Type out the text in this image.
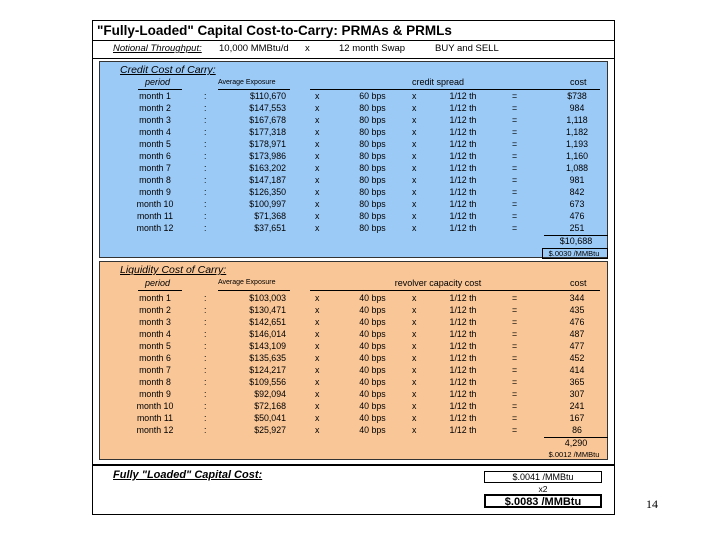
"Fully-Loaded" Capital Cost-to-Carry: PRMAs & PRMLs
Notional Throughput: 10,000 MMBtu/d x	12 month Swap	BUY and SELL
Credit Cost of Carry:
period	Average Exposure	credit spread	cost
month 1	:	$110,670	x	60 bps	x	1/12 th	=	$738
month 2	:	$147,553	x	80 bps	x	1/12 th	=	984
month 3	:	$167,678	x	80 bps	x	1/12 th	=	1,118
month 4	:	$177,318	x	80 bps	x	1/12 th	=	1,182
month 5	:	$178,971	x	80 bps	x	1/12 th	=	1,193
month 6	:	$173,986	x	80 bps	x	1/12 th	=	1,160
month 7	:	$163,202	x	80 bps	x	1/12 th	=	1,088
month 8	:	$147,187	x	80 bps	x	1/12 th	=	981
month 9	:	$126,350	x	80 bps	x	1/12 th	=	842
month 10	:	$100,997	x	80 bps	x	1/12 th	=	673
month 11	:	$71,368	x	80 bps	x	1/12 th	=	476
month 12	:	$37,651	x	80 bps	x	1/12 th	=	251
$10,688
$.0030 /MMBtu
Liquidity Cost of Carry:
period	Average Exposure	revolver capacity cost	cost
month 1	:	$103,003	x	40 bps	x	1/12 th	=	344
month 2	:	$130,471	x	40 bps	x	1/12 th	=	435
month 3	:	$142,651	x	40 bps	x	1/12 th	=	476
month 4	:	$146,014	x	40 bps	x	1/12 th	=	487
month 5	:	$143,109	x	40 bps	x	1/12 th	=	477
month 6	:	$135,635	x	40 bps	x	1/12 th	=	452
month 7	:	$124,217	x	40 bps	x	1/12 th	=	414
month 8	:	$109,556	x	40 bps	x	1/12 th	=	365
month 9	:	$92,094	x	40 bps	x	1/12 th	=	307
month 10	:	$72,168	x	40 bps	x	1/12 th	=	241
month 11	:	$50,041	x	40 bps	x	1/12 th	=	167
month 12	:	$25,927	x	40 bps	x	1/12 th	=	86
4,290
$.0012 /MMBtu
Fully "Loaded" Capital Cost:	$.0041 /MMBtu
x2
$.0083 /MMBtu	14
